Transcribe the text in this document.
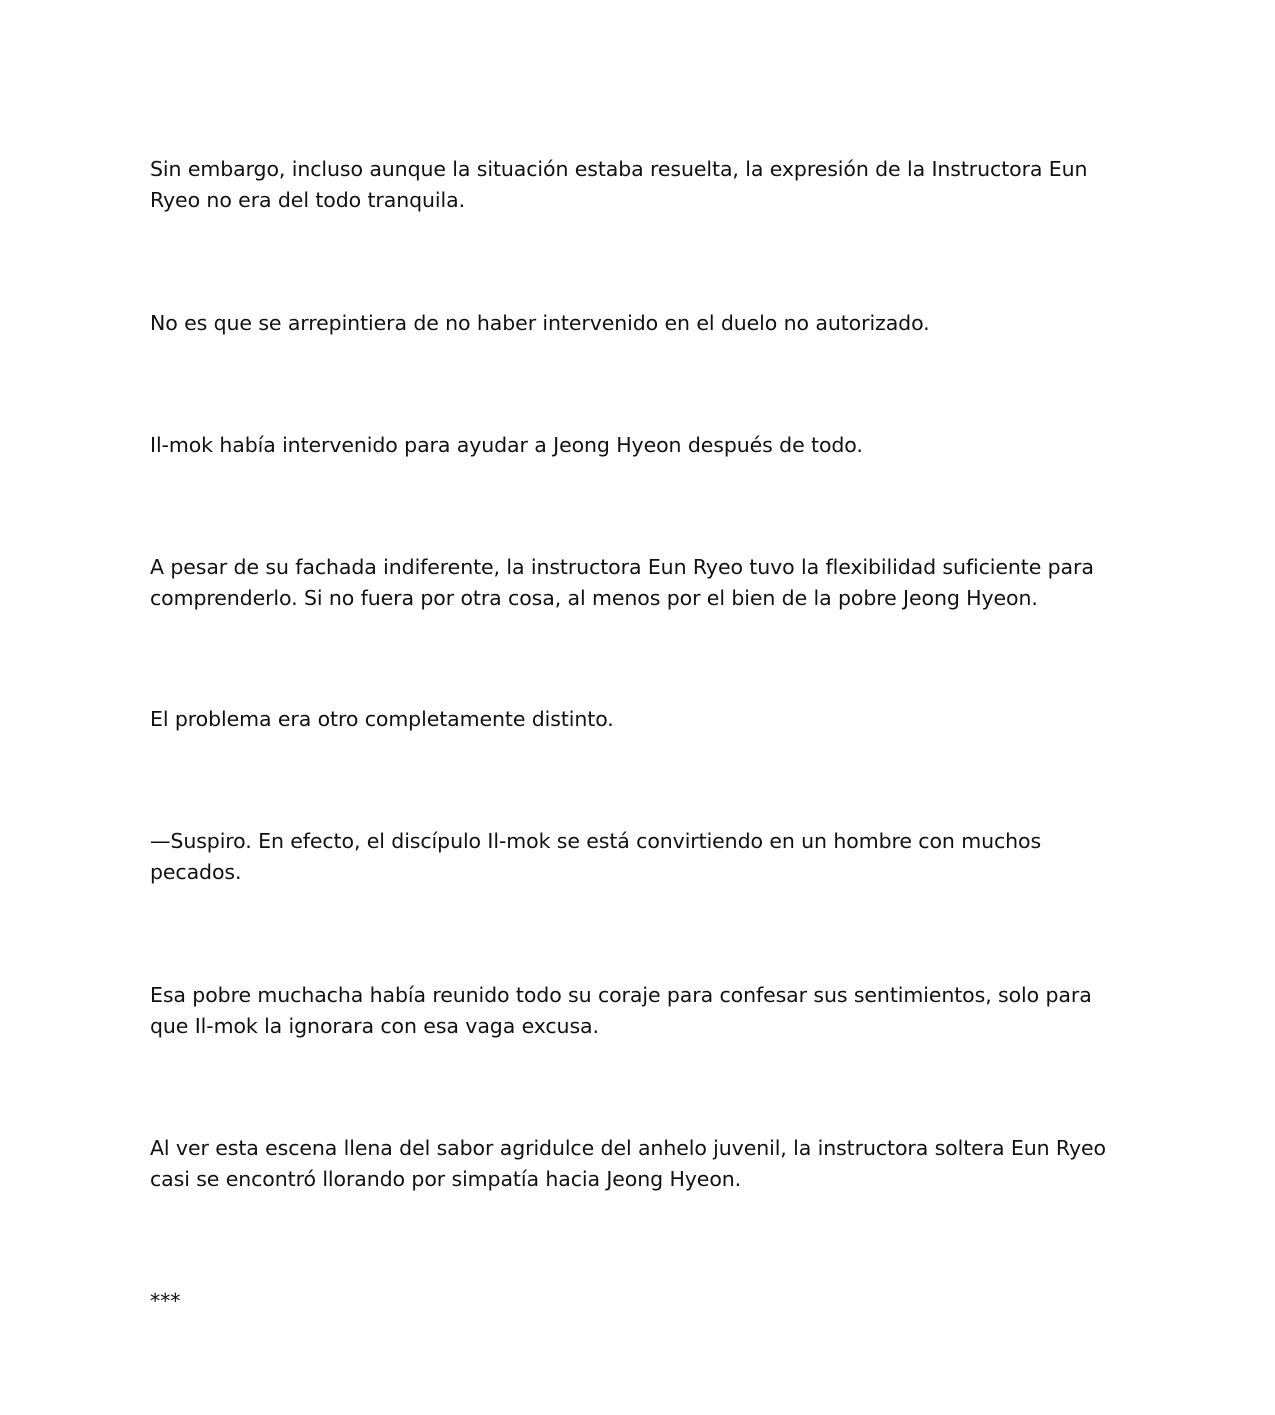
Sin embargo, incluso aunque la situación estaba resuelta, la expresión de la Instructora Eun Ryeo no era del todo tranquila.

No es que se arrepintiera de no haber intervenido en el duelo no autorizado.

Il-mok había intervenido para ayudar a Jeong Hyeon después de todo.

A pesar de su fachada indiferente, la instructora Eun Ryeo tuvo la flexibilidad suficiente para comprenderlo. Si no fuera por otra cosa, al menos por el bien de la pobre Jeong Hyeon.

El problema era otro completamente distinto.

—Suspiro. En efecto, el discípulo Il-mok se está convirtiendo en un hombre con muchos pecados.

Esa pobre muchacha había reunido todo su coraje para confesar sus sentimientos, solo para que Il-mok la ignorara con esa vaga excusa.

Al ver esta escena llena del sabor agridulce del anhelo juvenil, la instructora soltera Eun Ryeo casi se encontró llorando por simpatía hacia Jeong Hyeon.

***
